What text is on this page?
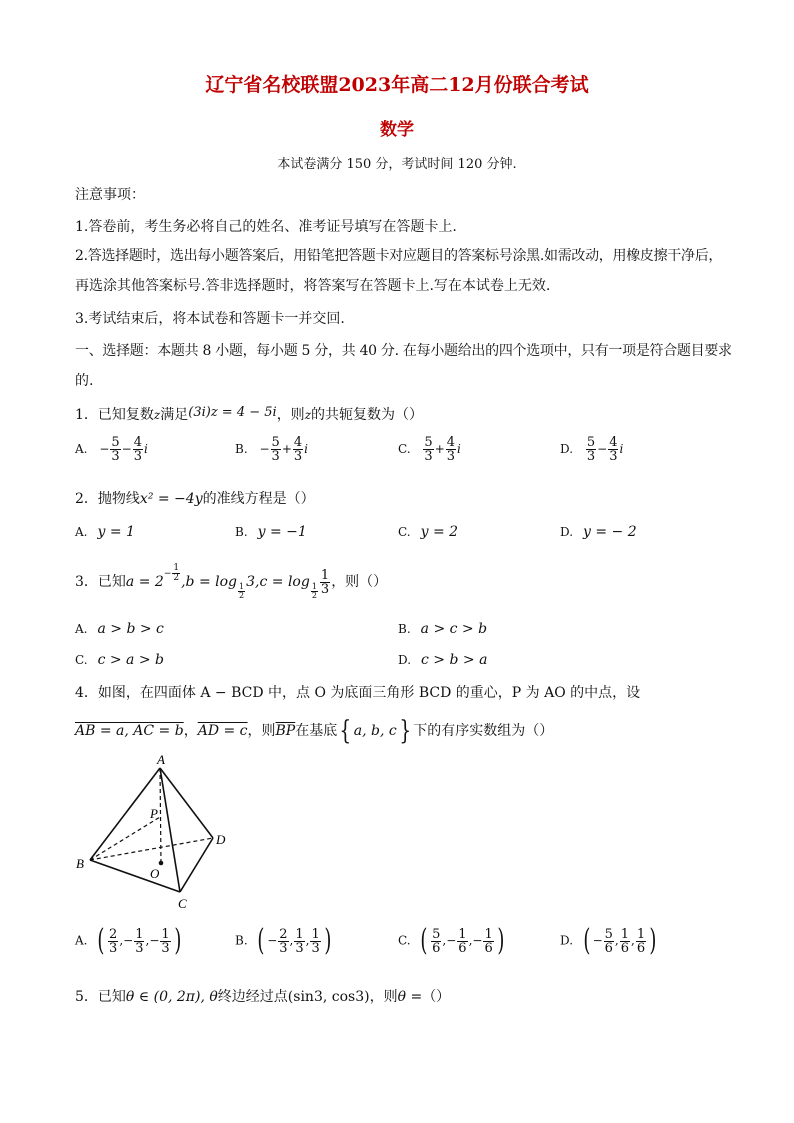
辽宁省名校联盟2023年高二12月份联合考试
数学
本试卷满分 150 分，考试时间 120 分钟.
注意事项：
1.答卷前，考生务必将自己的姓名、准考证号填写在答题卡上.
2.答选择题时，选出每小题答案后，用铅笔把答题卡对应题目的答案标号涂黑.如需改动，用橡皮擦干净后，
再选涂其他答案标号.答非选择题时，将答案写在答题卡上.写在本试卷上无效.
3.考试结束后，将本试卷和答题卡一并交回.
一、选择题：本题共 8 小题，每小题 5 分，共 40 分. 在每小题给出的四个选项中，只有一项是符合题目要求
的.
1．已知复数z满足(3i)z = 4 − 5i，则z的共轭复数为（）
A. − $\frac{5}{3} - \frac{4}{3}$ i	B. − $\frac{5}{3} + \frac{4}{3}$ i	C. $\frac{5}{3} + \frac{4}{3}$ i	D. $\frac{5}{3} - \frac{4}{3}$ i
2．抛物线x² = −4y的准线方程是（）
A. y = 1	B. y = −1	C. y = 2	D. y = − 2
3．已知$a = 2- \frac{1}{2} ,b = \log$
$\frac{1}{2}$
3,c = log
$\frac{1}{2} \frac{1}{3}$ ，则（）
A. a > b > c	B. a > c > b
C. c > a > b	D. c > b > a
4．如图，在四面体 A − BCD 中，点 O 为底面三角形 BCD 的重心，P 为 AO 的中点，设
AB = a, AC = b，AD = c，则$\overline{BP}$在基底{ a, b, c} 下的有序实数组为（）
A
B
C
D
O
P
A. ( $\frac{2}{3}$ ,− $\frac{1}{3}$ ,− $\frac{1}{3}$ )	B. ( − $\frac{2}{3}$ , $\frac{1}{3}$ , $\frac{1}{3}$ )	C. ( $\frac{5}{6}$ ,− $\frac{1}{6}$ ,− $\frac{1}{6}$ )	D. ( − $\frac{5}{6}$ , $\frac{1}{6}$ , $\frac{1}{6}$ )
5．已知θ ∈ (0, 2π), θ终边经过点(sin3, cos3)，则θ =（）
